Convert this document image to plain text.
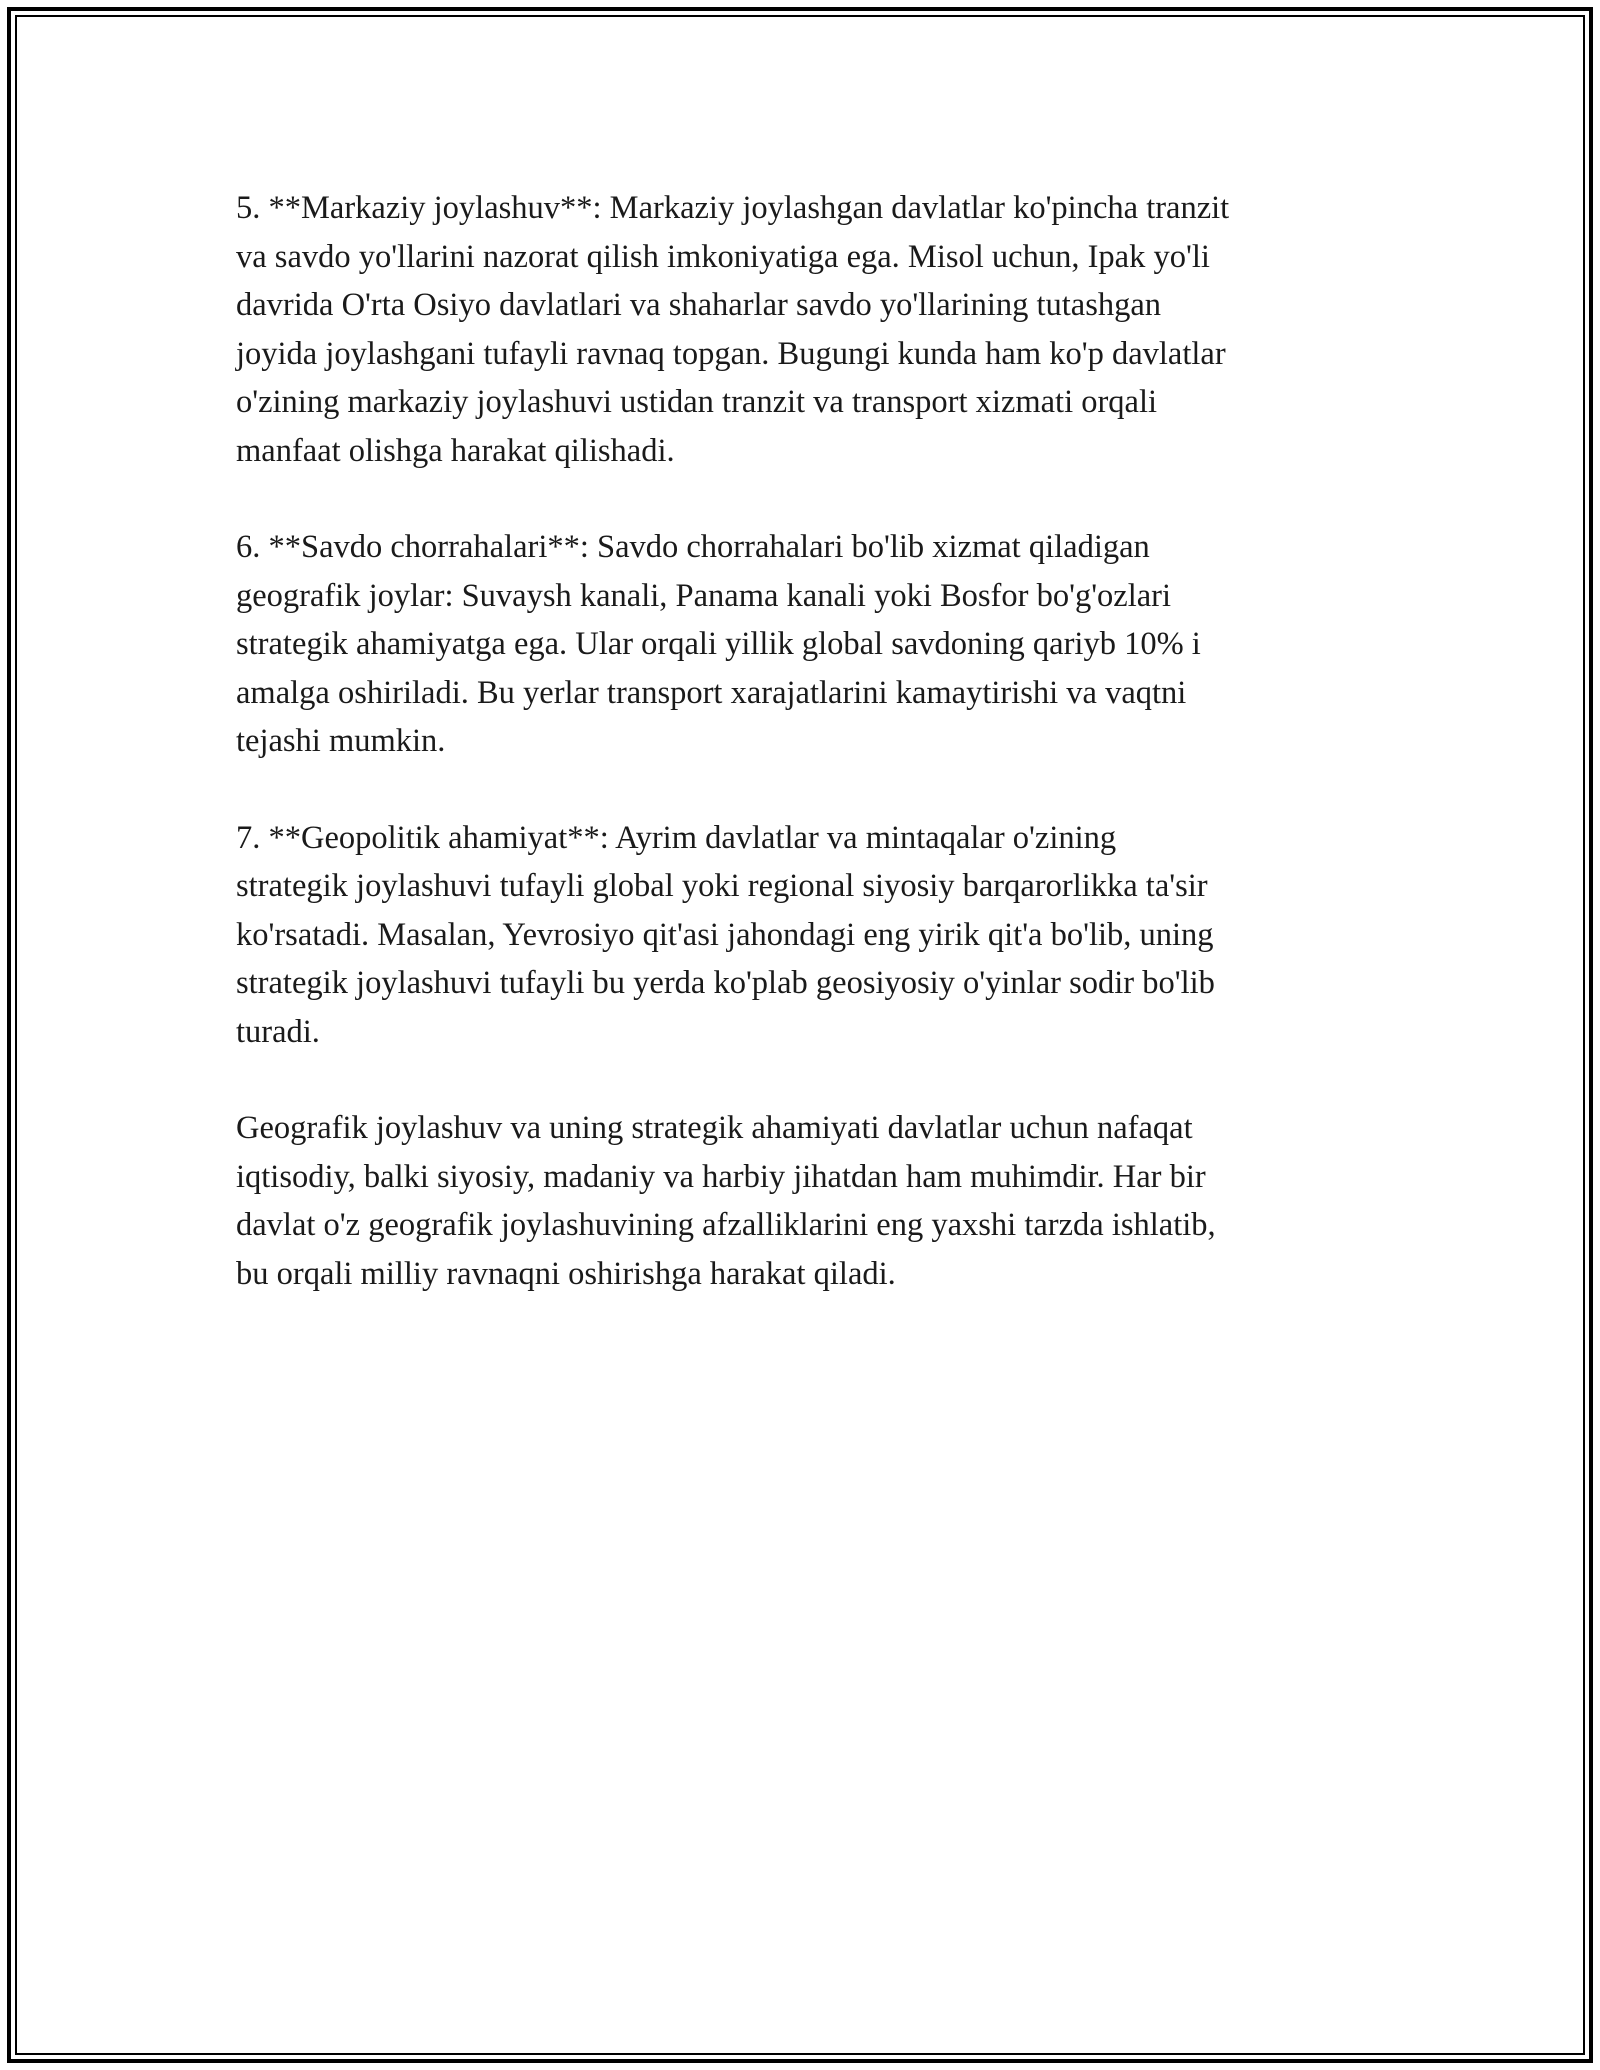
5. **Markaziy joylashuv**: Markaziy joylashgan davlatlar ko'pincha tranzit
va savdo yo'llarini nazorat qilish imkoniyatiga ega. Misol uchun, Ipak yo'li
davrida O'rta Osiyo davlatlari va shaharlar savdo yo'llarining tutashgan
joyida joylashgani tufayli ravnaq topgan. Bugungi kunda ham ko'p davlatlar
o'zining markaziy joylashuvi ustidan tranzit va transport xizmati orqali
manfaat olishga harakat qilishadi.

6. **Savdo chorrahalari**: Savdo chorrahalari bo'lib xizmat qiladigan
geografik joylar: Suvaysh kanali, Panama kanali yoki Bosfor bo'g'ozlari
strategik ahamiyatga ega. Ular orqali yillik global savdoning qariyb 10% i
amalga oshiriladi. Bu yerlar transport xarajatlarini kamaytirishi va vaqtni
tejashi mumkin.

7. **Geopolitik ahamiyat**: Ayrim davlatlar va mintaqalar o'zining
strategik joylashuvi tufayli global yoki regional siyosiy barqarorlikka ta'sir
ko'rsatadi. Masalan, Yevrosiyo qit'asi jahondagi eng yirik qit'a bo'lib, uning
strategik joylashuvi tufayli bu yerda ko'plab geosiyosiy o'yinlar sodir bo'lib
turadi.

Geografik joylashuv va uning strategik ahamiyati davlatlar uchun nafaqat
iqtisodiy, balki siyosiy, madaniy va harbiy jihatdan ham muhimdir. Har bir
davlat o'z geografik joylashuvining afzalliklarini eng yaxshi tarzda ishlatib,
bu orqali milliy ravnaqni oshirishga harakat qiladi.
